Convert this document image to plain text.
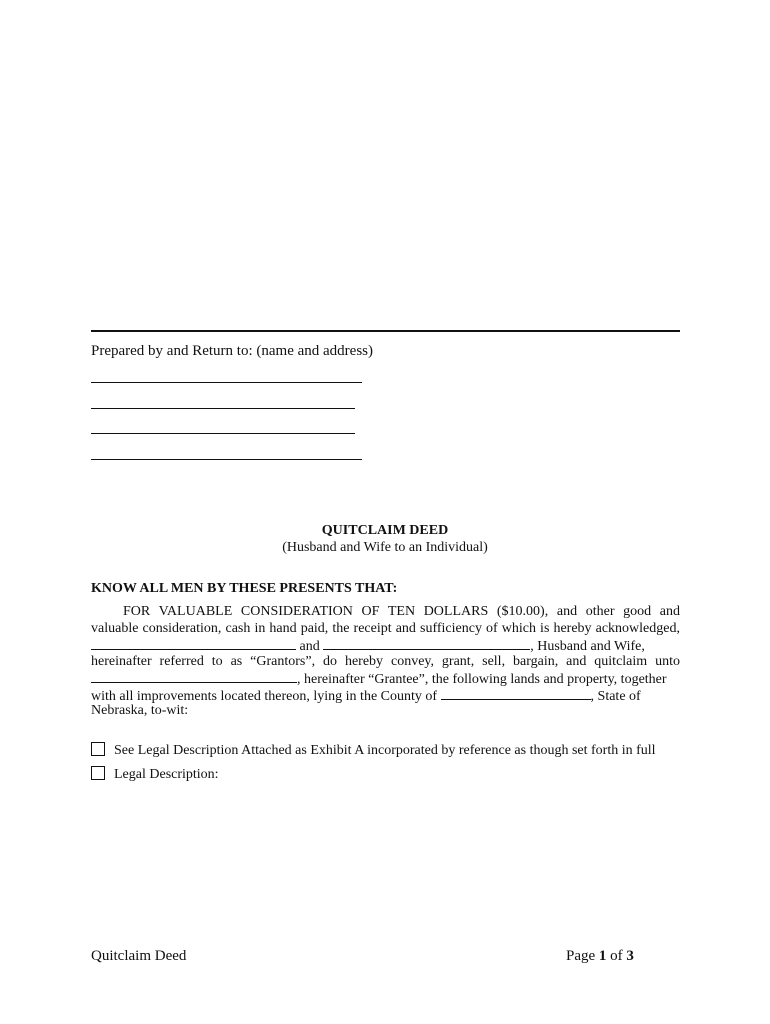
Prepared by and Return to: (name and address)
QUITCLAIM DEED
(Husband and Wife to an Individual)
KNOW ALL MEN BY THESE PRESENTS THAT:
FOR VALUABLE CONSIDERATION OF TEN DOLLARS ($10.00), and other good and
valuable consideration, cash in hand paid, the receipt and sufficiency of which is hereby acknowledged,
and	, Husband and Wife,
hereinafter referred to as “Grantors”, do hereby convey, grant, sell, bargain, and quitclaim unto
, hereinafter “Grantee”, the following lands and property, together
with all improvements located thereon, lying in the County of	, State of
Nebraska, to-wit:
See Legal Description Attached as Exhibit A incorporated by reference as though set forth in full
Legal Description:
Quitclaim Deed	Page 1 of 3
